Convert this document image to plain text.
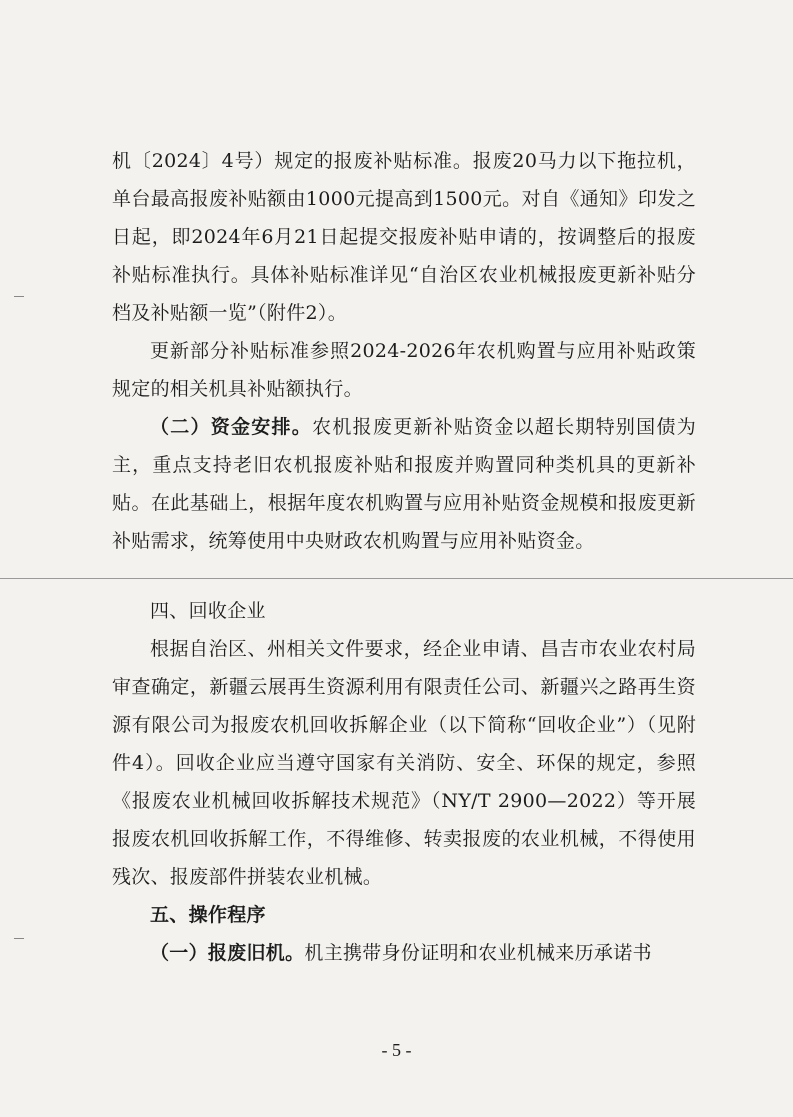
机〔2024〕4号）规定的报废补贴标准。报废20马力以下拖拉机，单台最高报废补贴额由1000元提高到1500元。对自《通知》印发之日起，即2024年6月21日起提交报废补贴申请的，按调整后的报废补贴标准执行。具体补贴标准详见“自治区农业机械报废更新补贴分档及补贴额一览”（附件2）。

更新部分补贴标准参照2024-2026年农机购置与应用补贴政策规定的相关机具补贴额执行。

（二）资金安排。农机报废更新补贴资金以超长期特别国债为主，重点支持老旧农机报废补贴和报废并购置同种类机具的更新补贴。在此基础上，根据年度农机购置与应用补贴资金规模和报废更新补贴需求，统筹使用中央财政农机购置与应用补贴资金。

四、回收企业

根据自治区、州相关文件要求，经企业申请、昌吉市农业农村局审查确定，新疆云展再生资源利用有限责任公司、新疆兴之路再生资源有限公司为报废农机回收拆解企业（以下简称“回收企业”）（见附件4）。回收企业应当遵守国家有关消防、安全、环保的规定，参照《报废农业机械回收拆解技术规范》（NY/T 2900—2022）等开展报废农机回收拆解工作，不得维修、转卖报废的农业机械，不得使用残次、报废部件拼装农业机械。

五、操作程序

（一）报废旧机。机主携带身份证明和农业机械来历承诺书

- 5 -
